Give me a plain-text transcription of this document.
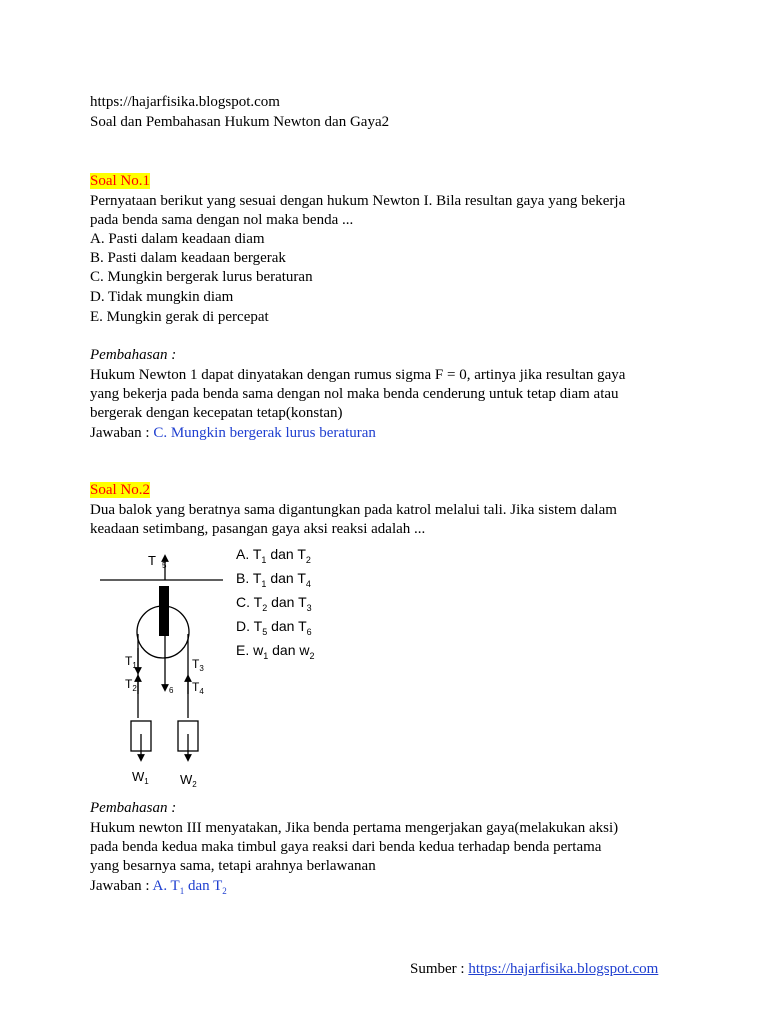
https://hajarfisika.blogspot.com
Soal dan Pembahasan Hukum Newton dan Gaya2
Soal No.1
Pernyataan berikut yang sesuai dengan hukum Newton I. Bila resultan gaya yang bekerja
pada benda sama dengan nol maka benda ...
A. Pasti dalam keadaan diam
B. Pasti dalam keadaan bergerak
C. Mungkin bergerak lurus beraturan
D. Tidak mungkin diam
E. Mungkin gerak di percepat
Pembahasan :
Hukum Newton 1 dapat dinyatakan dengan rumus sigma F = 0, artinya jika resultan gaya
yang bekerja pada benda sama dengan nol maka benda cenderung untuk tetap diam atau
bergerak dengan kecepatan tetap(konstan)
Jawaban : C. Mungkin bergerak lurus beraturan
Soal No.2
Dua balok yang beratnya sama digantungkan pada katrol melalui tali. Jika sistem dalam
keadaan setimbang, pasangan gaya aksi reaksi adalah ...
T $_5$
$T_1$
$T_2$
$T_3$
$T_4$
6
$W_1$ $W_2$
A. $T_1$ dan $T_2$
B. $T_1$ dan $T_4$
C. $T_2$ dan $T_3$
D. $T_5$ dan $T_6$
E. $w_1$ dan $w_2$
Pembahasan :
Hukum newton III menyatakan, Jika benda pertama mengerjakan gaya(melakukan aksi)
pada benda kedua maka timbul gaya reaksi dari benda kedua terhadap benda pertama
yang besarnya sama, tetapi arahnya berlawanan
Jawaban : A. $T_1$ dan $T_2$
Sumber : https://hajarfisika.blogspot.com
